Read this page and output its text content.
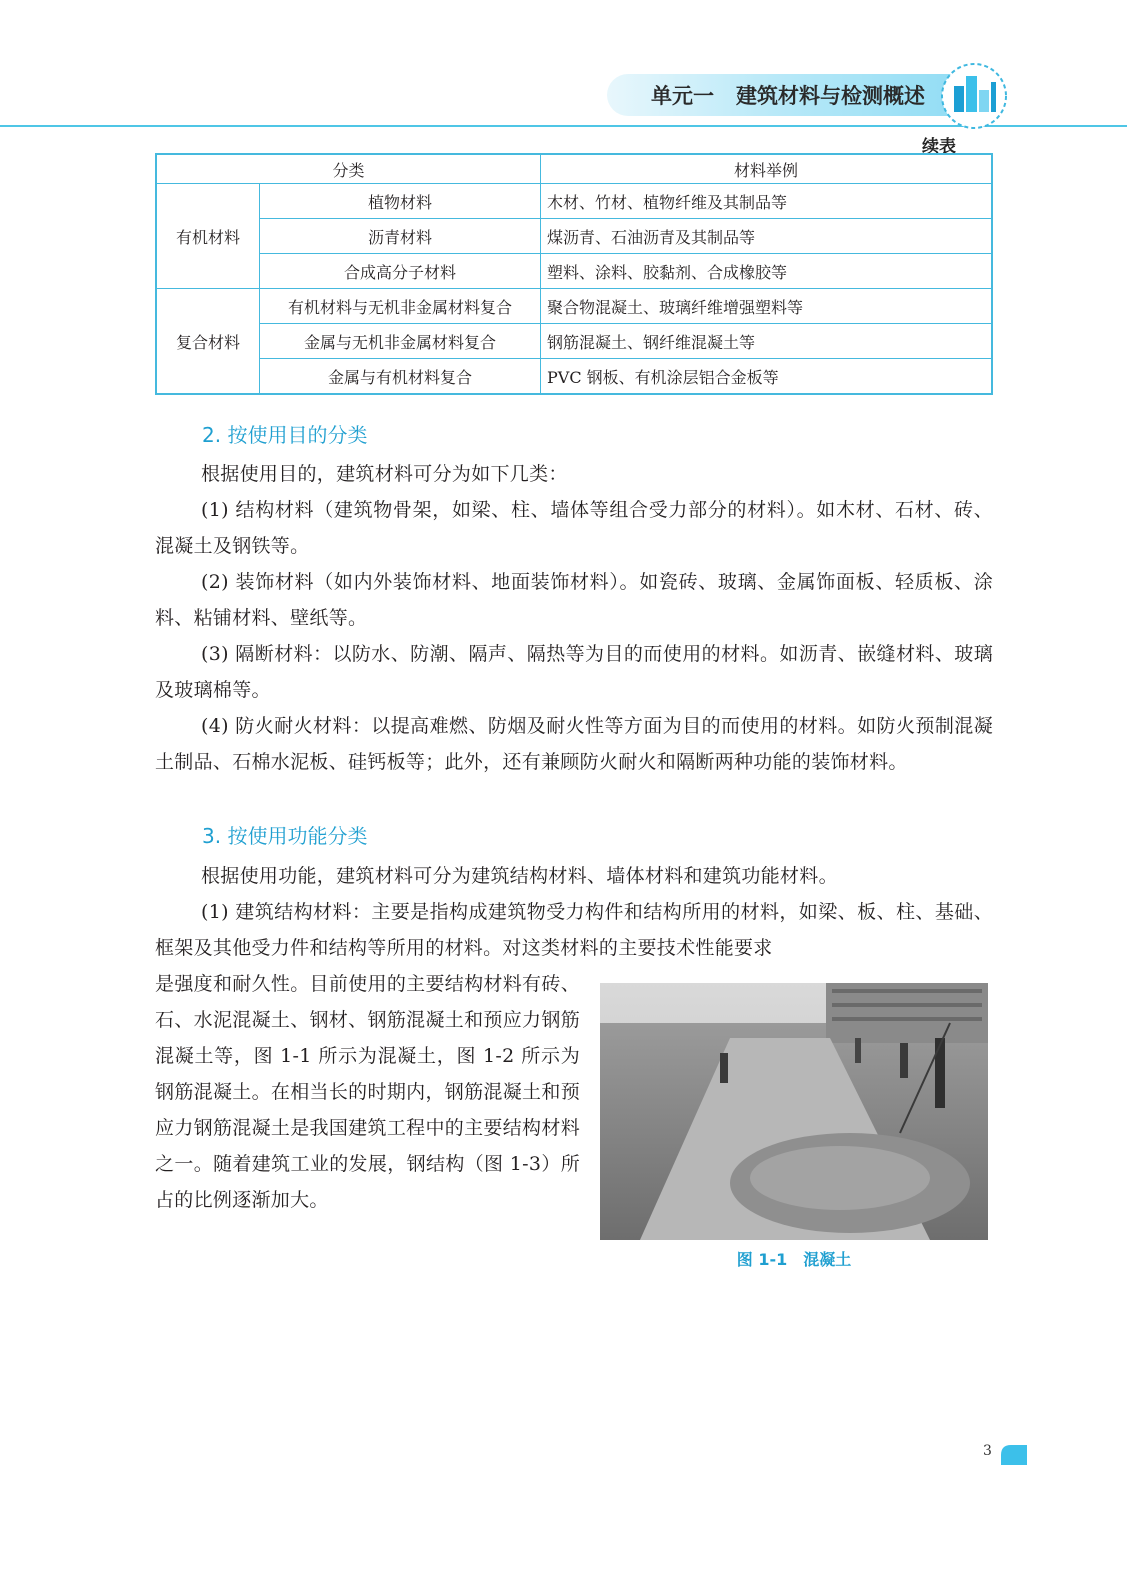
单元一 建筑材料与检测概述
续表
分类		材料举例
有机材料	植物材料	木材、竹材、植物纤维及其制品等
	沥青材料	煤沥青、石油沥青及其制品等
	合成高分子材料	塑料、涂料、胶黏剂、合成橡胶等
复合材料	有机材料与无机非金属材料复合	聚合物混凝土、玻璃纤维增强塑料等
	金属与无机非金属材料复合	钢筋混凝土、钢纤维混凝土等
	金属与有机材料复合	PVC 钢板、有机涂层铝合金板等
2. 按使用目的分类

根据使用目的，建筑材料可分为如下几类：

(1) 结构材料（建筑物骨架，如梁、柱、墙体等组合受力部分的材料）。如木材、石材、砖、混凝土及钢铁等。

(2) 装饰材料（如内外装饰材料、地面装饰材料）。如瓷砖、玻璃、金属饰面板、轻质板、涂料、粘铺材料、壁纸等。

(3) 隔断材料：以防水、防潮、隔声、隔热等为目的而使用的材料。如沥青、嵌缝材料、玻璃及玻璃棉等。

(4) 防火耐火材料：以提高难燃、防烟及耐火性等方面为目的而使用的材料。如防火预制混凝土制品、石棉水泥板、硅钙板等；此外，还有兼顾防火耐火和隔断两种功能的装饰材料。

3. 按使用功能分类

根据使用功能，建筑材料可分为建筑结构材料、墙体材料和建筑功能材料。

(1) 建筑结构材料：主要是指构成建筑物受力构件和结构所用的材料，如梁、板、柱、基础、框架及其他受力件和结构等所用的材料。对这类材料的主要技术性能要求

是强度和耐久性。目前使用的主要结构材料有砖、石、水泥混凝土、钢材、钢筋混凝土和预应力钢筋混凝土等，图 1-1 所示为混凝土，图 1-2 所示为钢筋混凝土。在相当长的时期内，钢筋混凝土和预应力钢筋混凝土是我国建筑工程中的主要结构材料之一。随着建筑工业的发展，钢结构（图 1-3）所占的比例逐渐加大。

图 1-1　混凝土
3
